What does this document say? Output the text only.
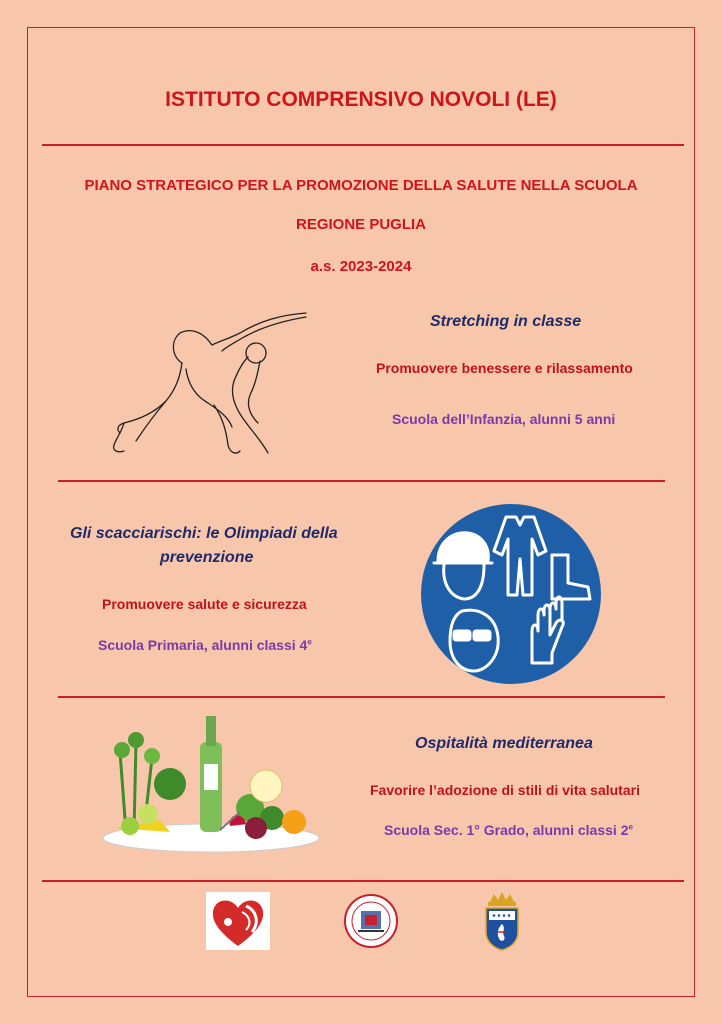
ISTITUTO COMPRENSIVO NOVOLI (LE)
PIANO STRATEGICO PER LA PROMOZIONE DELLA SALUTE NELLA SCUOLA
REGIONE PUGLIA
a.s. 2023-2024
Stretching in classe
Promuovere benessere e rilassamento
Scuola dell’Infanzia, alunni 5 anni
Gli scacciarischi: le Olimpiadi della
prevenzione
Promuovere salute e sicurezza
Scuola Primaria, alunni classi 4e
Ospitalità mediterranea
Favorire l’adozione di stili di vita salutari
Scuola Sec. 1° Grado, alunni classi 2e
